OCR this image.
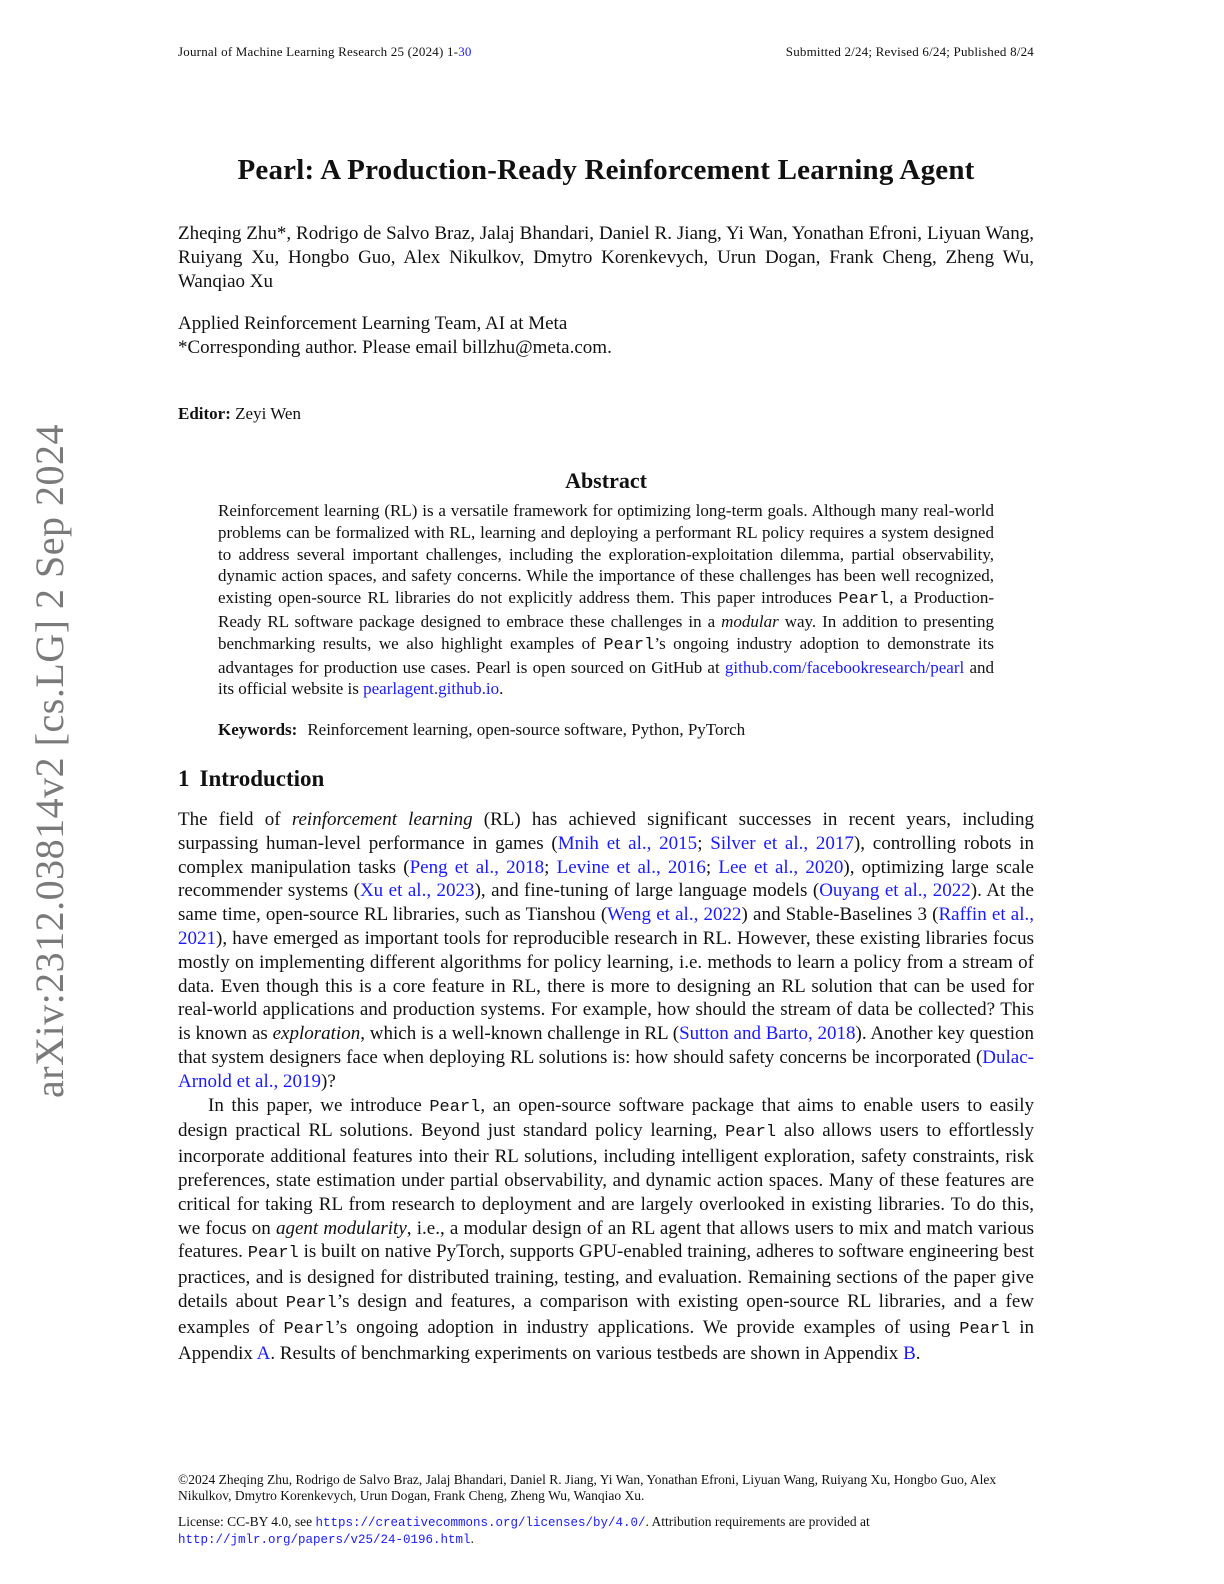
Journal of Machine Learning Research 25 (2024) 1-30	Submitted 2/24; Revised 6/24; Published 8/24
arXiv:2312.03814v2 [cs.LG] 2 Sep 2024
Pearl: A Production-Ready Reinforcement Learning Agent
Zheqing Zhu*, Rodrigo de Salvo Braz, Jalaj Bhandari, Daniel R. Jiang, Yi Wan, Yonathan Efroni, Liyuan Wang, Ruiyang Xu, Hongbo Guo, Alex Nikulkov, Dmytro Korenkevych, Urun Dogan, Frank Cheng, Zheng Wu, Wanqiao Xu
Applied Reinforcement Learning Team, AI at Meta
*Corresponding author. Please email billzhu@meta.com.
Editor: Zeyi Wen
Abstract
Reinforcement learning (RL) is a versatile framework for optimizing long-term goals. Although many real-world problems can be formalized with RL, learning and deploying a performant RL policy requires a system designed to address several important challenges, including the exploration-exploitation dilemma, partial observability, dynamic action spaces, and safety concerns. While the importance of these challenges has been well recognized, existing open-source RL libraries do not explicitly address them. This paper introduces Pearl, a Production-Ready RL software package designed to embrace these challenges in a modular way. In addition to presenting benchmarking results, we also highlight examples of Pearl’s ongoing industry adoption to demonstrate its advantages for production use cases. Pearl is open sourced on GitHub at github.com/facebookresearch/pearl and its official website is pearlagent.github.io.
Keywords: Reinforcement learning, open-source software, Python, PyTorch
1 Introduction

The field of reinforcement learning (RL) has achieved significant successes in recent years, including surpassing human-level performance in games (Mnih et al., 2015; Silver et al., 2017), controlling robots in complex manipulation tasks (Peng et al., 2018; Levine et al., 2016; Lee et al., 2020), optimizing large scale recommender systems (Xu et al., 2023), and fine-tuning of large language models (Ouyang et al., 2022). At the same time, open-source RL libraries, such as Tianshou (Weng et al., 2022) and Stable-Baselines 3 (Raffin et al., 2021), have emerged as important tools for reproducible research in RL. However, these existing libraries focus mostly on implementing different algorithms for policy learning, i.e. methods to learn a policy from a stream of data. Even though this is a core feature in RL, there is more to designing an RL solution that can be used for real-world applications and production systems. For example, how should the stream of data be collected? This is known as exploration, which is a well-known challenge in RL (Sutton and Barto, 2018). Another key question that system designers face when deploying RL solutions is: how should safety concerns be incorporated (Dulac-Arnold et al., 2019)?

In this paper, we introduce Pearl, an open-source software package that aims to enable users to easily design practical RL solutions. Beyond just standard policy learning, Pearl also allows users to effortlessly incorporate additional features into their RL solutions, including intelligent exploration, safety constraints, risk preferences, state estimation under partial observability, and dynamic action spaces. Many of these features are critical for taking RL from research to deployment and are largely overlooked in existing libraries. To do this, we focus on agent modularity, i.e., a modular design of an RL agent that allows users to mix and match various features. Pearl is built on native PyTorch, supports GPU-enabled training, adheres to software engineering best practices, and is designed for distributed training, testing, and evaluation. Remaining sections of the paper give details about Pearl’s design and features, a comparison with existing open-source RL libraries, and a few examples of Pearl’s ongoing adoption in industry applications. We provide examples of using Pearl in Appendix A. Results of benchmarking experiments on various testbeds are shown in Appendix B.

©2024 Zheqing Zhu, Rodrigo de Salvo Braz, Jalaj Bhandari, Daniel R. Jiang, Yi Wan, Yonathan Efroni, Liyuan Wang, Ruiyang Xu, Hongbo Guo, Alex Nikulkov, Dmytro Korenkevych, Urun Dogan, Frank Cheng, Zheng Wu, Wanqiao Xu.
License: CC-BY 4.0, see https://creativecommons.org/licenses/by/4.0/. Attribution requirements are provided at http://jmlr.org/papers/v25/24-0196.html.
